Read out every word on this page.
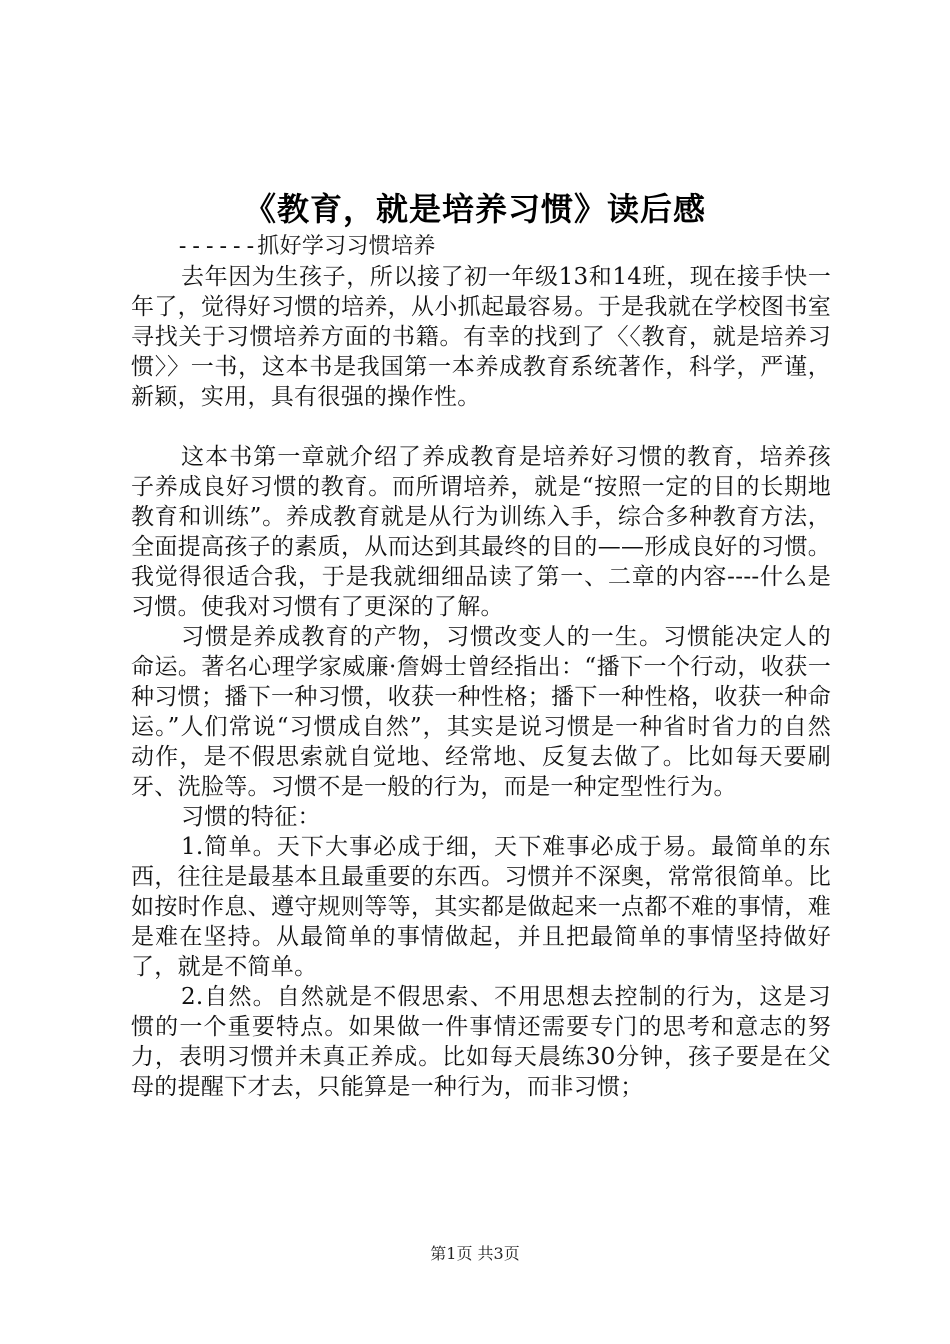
《教育，就是培养习惯》读后感

------抓好学习习惯培养

去年因为生孩子，所以接了初一年级13和14班，现在接手快一年了，觉得好习惯的培养，从小抓起最容易。于是我就在学校图书室寻找关于习惯培养方面的书籍。有幸的找到了〈〈教育，就是培养习惯〉〉一书，这本书是我国第一本养成教育系统著作，科学，严谨，新颖，实用，具有很强的操作性。

这本书第一章就介绍了养成教育是培养好习惯的教育，培养孩子养成良好习惯的教育。而所谓培养，就是“按照一定的目的长期地教育和训练”。养成教育就是从行为训练入手，综合多种教育方法，全面提高孩子的素质，从而达到其最终的目的——形成良好的习惯。我觉得很适合我，于是我就细细品读了第一、二章的内容----什么是习惯。使我对习惯有了更深的了解。

习惯是养成教育的产物，习惯改变人的一生。习惯能决定人的命运。著名心理学家威廉·詹姆士曾经指出：“播下一个行动，收获一种习惯；播下一种习惯，收获一种性格；播下一种性格，收获一种命运。”人们常说“习惯成自然”，其实是说习惯是一种省时省力的自然动作，是不假思索就自觉地、经常地、反复去做了。比如每天要刷牙、洗脸等。习惯不是一般的行为，而是一种定型性行为。

习惯的特征：

1.简单。天下大事必成于细，天下难事必成于易。最简单的东西，往往是最基本且最重要的东西。习惯并不深奥，常常很简单。比如按时作息、遵守规则等等，其实都是做起来一点都不难的事情，难是难在坚持。从最简单的事情做起，并且把最简单的事情坚持做好了，就是不简单。

2.自然。自然就是不假思索、不用思想去控制的行为，这是习惯的一个重要特点。如果做一件事情还需要专门的思考和意志的努力，表明习惯并未真正养成。比如每天晨练30分钟，孩子要是在父母的提醒下才去，只能算是一种行为，而非习惯；

第1页 共3页
